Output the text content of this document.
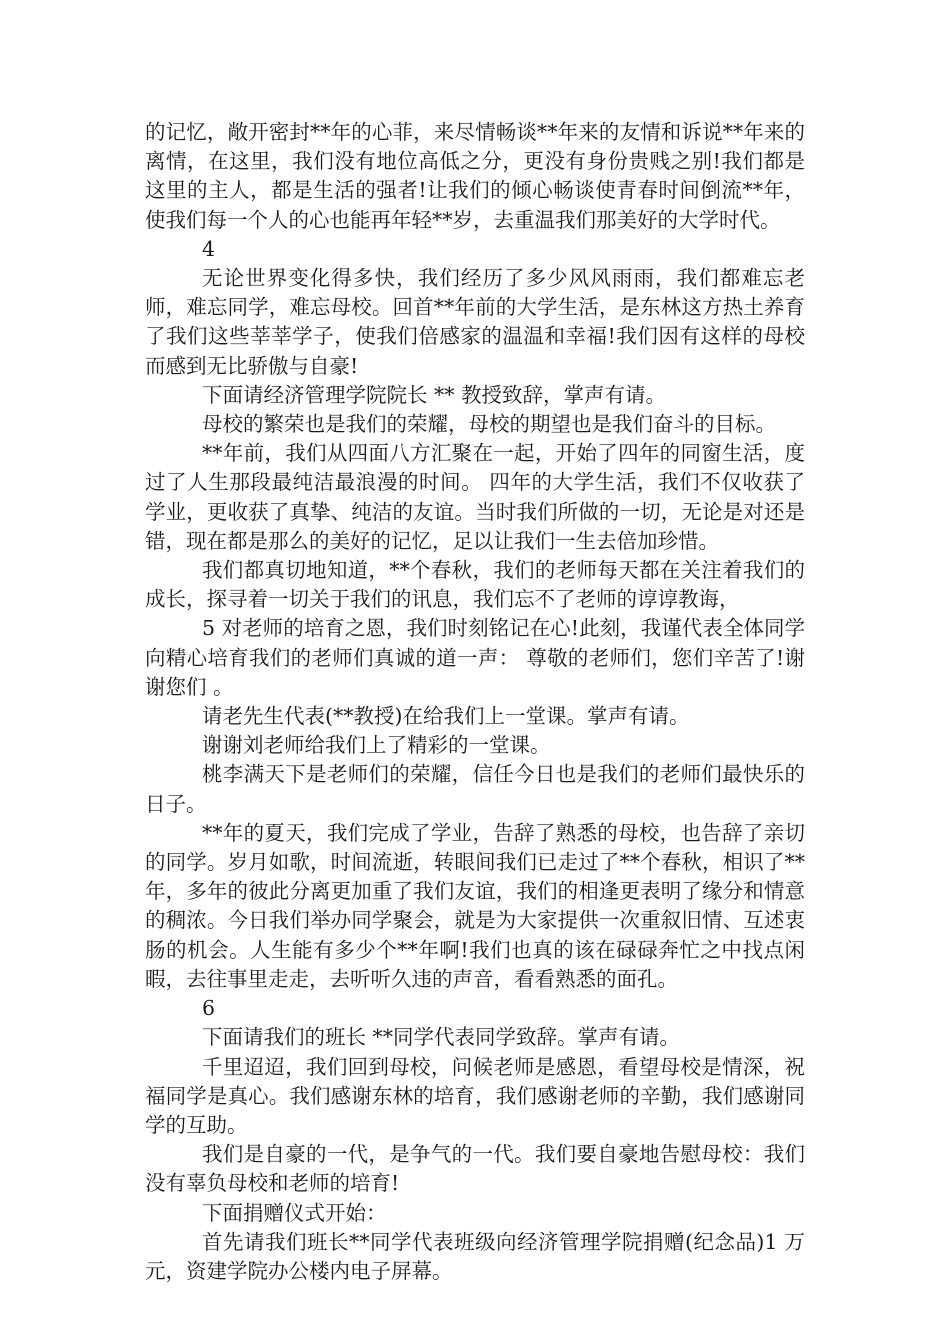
的记忆，敞开密封**年的心菲，来尽情畅谈**年来的友情和诉说**年来的离情，在这里，我们没有地位高低之分，更没有身份贵贱之别!我们都是这里的主人，都是生活的强者!让我们的倾心畅谈使青春时间倒流**年，使我们每一个人的心也能再年轻**岁，去重温我们那美好的大学时代。

4

无论世界变化得多快，我们经历了多少风风雨雨，我们都难忘老师，难忘同学，难忘母校。回首**年前的大学生活，是东林这方热土养育了我们这些莘莘学子，使我们倍感家的温温和幸福!我们因有这样的母校而感到无比骄傲与自豪!

下面请经济管理学院院长 ** 教授致辞，掌声有请。

母校的繁荣也是我们的荣耀，母校的期望也是我们奋斗的目标。

**年前，我们从四面八方汇聚在一起，开始了四年的同窗生活，度过了人生那段最纯洁最浪漫的时间。 四年的大学生活，我们不仅收获了学业，更收获了真挚、纯洁的友谊。当时我们所做的一切，无论是对还是错，现在都是那么的美好的记忆，足以让我们一生去倍加珍惜。

我们都真切地知道，**个春秋，我们的老师每天都在关注着我们的成长，探寻着一切关于我们的讯息，我们忘不了老师的谆谆教诲，

5 对老师的培育之恩，我们时刻铭记在心!此刻，我谨代表全体同学向精心培育我们的老师们真诚的道一声： 尊敬的老师们，您们辛苦了!谢谢您们 。

请老先生代表(**教授)在给我们上一堂课。掌声有请。

谢谢刘老师给我们上了精彩的一堂课。

桃李满天下是老师们的荣耀，信任今日也是我们的老师们最快乐的日子。

**年的夏天，我们完成了学业，告辞了熟悉的母校，也告辞了亲切的同学。岁月如歌，时间流逝，转眼间我们已走过了**个春秋，相识了**年，多年的彼此分离更加重了我们友谊，我们的相逢更表明了缘分和情意的稠浓。今日我们举办同学聚会，就是为大家提供一次重叙旧情、互述衷肠的机会。人生能有多少个**年啊!我们也真的该在碌碌奔忙之中找点闲暇，去往事里走走，去听听久违的声音，看看熟悉的面孔。

6

下面请我们的班长 **同学代表同学致辞。掌声有请。

千里迢迢，我们回到母校，问候老师是感恩，看望母校是情深，祝福同学是真心。我们感谢东林的培育，我们感谢老师的辛勤，我们感谢同学的互助。

我们是自豪的一代，是争气的一代。我们要自豪地告慰母校：我们没有辜负母校和老师的培育!

下面捐赠仪式开始：

首先请我们班长**同学代表班级向经济管理学院捐赠(纪念品)1 万元，资建学院办公楼内电子屏幕。
